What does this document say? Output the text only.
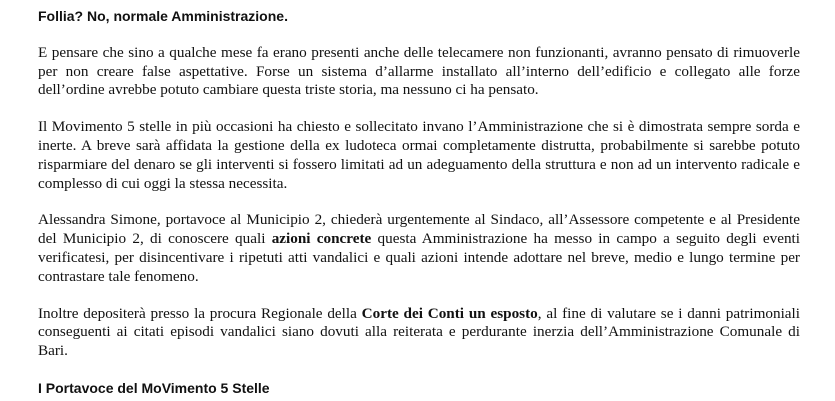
Follia? No, normale Amministrazione.

E pensare che sino a qualche mese fa erano presenti anche delle telecamere non funzionanti, avranno pensato di rimuoverle per non creare false aspettative. Forse un sistema d’allarme installato all’interno dell’edificio e collegato alle forze dell’ordine avrebbe potuto cambiare questa triste storia, ma nessuno ci ha pensato.

Il Movimento 5 stelle in più occasioni ha chiesto e sollecitato invano l’Amministrazione che si è dimostrata sempre sorda e inerte. A breve sarà affidata la gestione della ex ludoteca ormai completamente distrutta, probabilmente si sarebbe potuto risparmiare del denaro se gli interventi si fossero limitati ad un adeguamento della struttura e non ad un intervento radicale e complesso di cui oggi la stessa necessita.

Alessandra Simone, portavoce al Municipio 2, chiederà urgentemente al Sindaco, all’Assessore competente e al Presidente del Municipio 2, di conoscere quali azioni concrete questa Amministrazione ha messo in campo a seguito degli eventi verificatesi, per disincentivare i ripetuti atti vandalici e quali azioni intende adottare nel breve, medio e lungo termine per contrastare tale fenomeno.

Inoltre depositerà presso la procura Regionale della Corte dei Conti un esposto, al fine di valutare se i danni patrimoniali conseguenti ai citati episodi vandalici siano dovuti alla reiterata e perdurante inerzia dell’Amministrazione Comunale di Bari.

I Portavoce del MoVimento 5 Stelle
